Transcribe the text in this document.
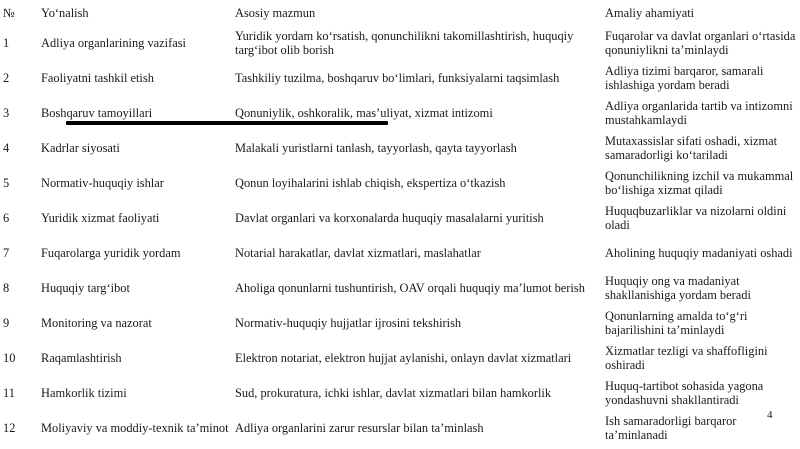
№	Yo‘nalish	Asosiy mazmun	Amaliy ahamiyati
1	Adliya organlarining vazifasi	Yuridik yordam ko‘rsatish, qonunchilikni takomillashtirish, huquqiy targ‘ibot olib borish	Fuqarolar va davlat organlari o‘rtasida qonuniylikni ta’minlaydi
2	Faoliyatni tashkil etish	Tashkiliy tuzilma, boshqaruv bo‘limlari, funksiyalarni taqsimlash	Adliya tizimi barqaror, samarali ishlashiga yordam beradi
3	Boshqaruv tamoyillari	Qonuniylik, oshkoralik, mas’uliyat, xizmat intizomi	Adliya organlarida tartib va intizomni mustahkamlaydi
4	Kadrlar siyosati	Malakali yuristlarni tanlash, tayyorlash, qayta tayyorlash	Mutaxassislar sifati oshadi, xizmat samaradorligi ko‘tariladi
5	Normativ-huquqiy ishlar	Qonun loyihalarini ishlab chiqish, ekspertiza o‘tkazish	Qonunchilikning izchil va mukammal bo‘lishiga xizmat qiladi
6	Yuridik xizmat faoliyati	Davlat organlari va korxonalarda huquqiy masalalarni yuritish	Huquqbuzarliklar va nizolarni oldini oladi
7	Fuqarolarga yuridik yordam	Notarial harakatlar, davlat xizmatlari, maslahatlar	Aholining huquqiy madaniyati oshadi
8	Huquqiy targ‘ibot	Aholiga qonunlarni tushuntirish, OAV orqali huquqiy ma’lumot berish	Huquqiy ong va madaniyat shakllanishiga yordam beradi
9	Monitoring va nazorat	Normativ-huquqiy hujjatlar ijrosini tekshirish	Qonunlarning amalda to‘g‘ri bajarilishini ta’minlaydi
10	Raqamlashtirish	Elektron notariat, elektron hujjat aylanishi, onlayn davlat xizmatlari	Xizmatlar tezligi va shaffofligini oshiradi
11	Hamkorlik tizimi	Sud, prokuratura, ichki ishlar, davlat xizmatlari bilan hamkorlik	Huquq-tartibot sohasida yagona yondashuvni shakllantiradi
12	Moliyaviy va moddiy-texnik ta’minot	Adliya organlarini zarur resurslar bilan ta’minlash	Ish samaradorligi barqaror ta’minlanadi
4
